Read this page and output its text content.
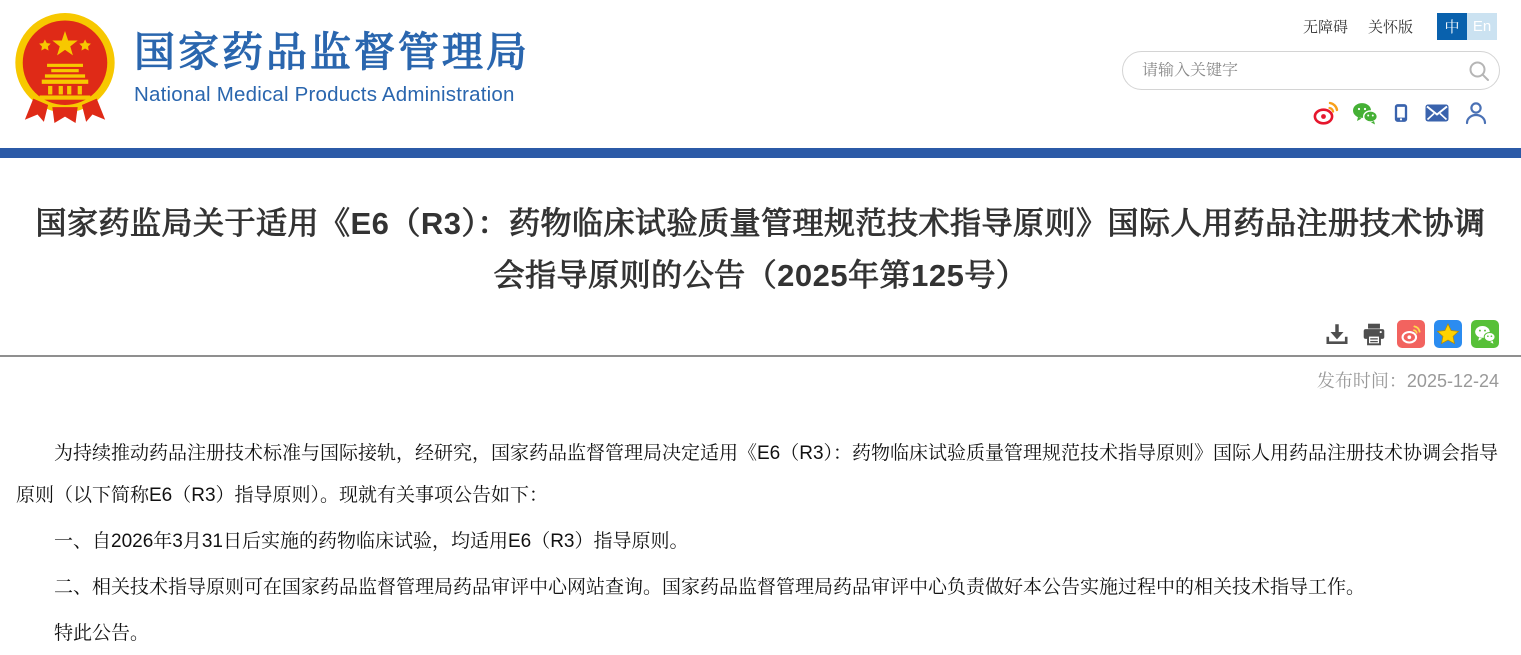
国家药品监督管理局
National Medical Products Administration
无障碍 关怀版	中 En
请输入关键字
国家药监局关于适用《E6（R3）：药物临床试验质量管理规范技术指导原则》国际人用药品注册技术协调会指导原则的公告（2025年第125号）
发布时间：2025-12-24

为持续推动药品注册技术标准与国际接轨，经研究，国家药品监督管理局决定适用《E6（R3）：药物临床试验质量管理规范技术指导原则》国际人用药品注册技术协调会指导原则（以下简称E6（R3）指导原则）。现就有关事项公告如下：

一、自2026年3月31日后实施的药物临床试验，均适用E6（R3）指导原则。

二、相关技术指导原则可在国家药品监督管理局药品审评中心网站查询。国家药品监督管理局药品审评中心负责做好本公告实施过程中的相关技术指导工作。

特此公告。
